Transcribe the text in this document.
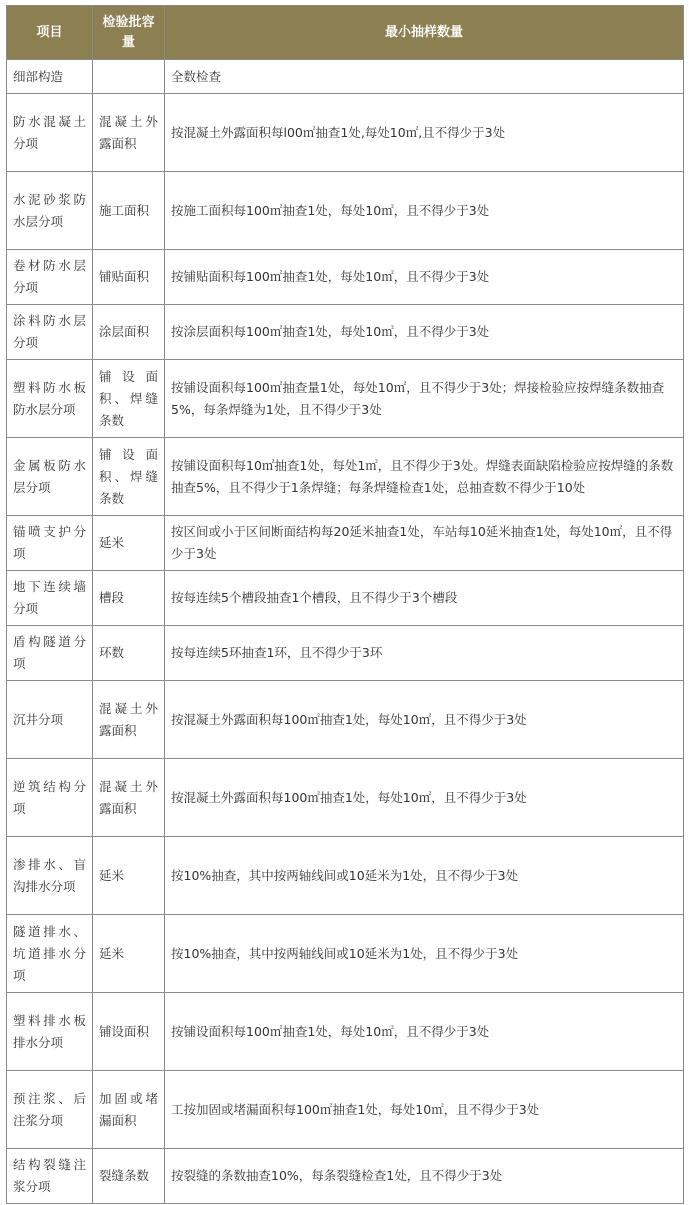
项目	检验批容量	最小抽样数量
细部构造		全数检查
防水混凝土分项	混凝土外露面积	按混凝土外露面积每l00㎡抽查1处,每处10㎡,且不得少于3处
水泥砂浆防水层分项	施工面积	按施工面积每100㎡抽查1处，每处10㎡，且不得少于3处
卷材防水层分项	铺贴面积	按铺贴面积每100㎡抽查1处，每处10㎡，且不得少于3处
涂料防水层分项	涂层面积	按涂层面积每100㎡抽查1处，每处10㎡，且不得少于3处
塑料防水板防水层分项	铺设面积、焊缝条数	按铺设面积每100㎡抽查量1处，每处10㎡，且不得少于3处；焊接检验应按焊缝条数抽查5%，每条焊缝为1处，且不得少于3处
金属板防水层分项	铺设面积、焊缝条数	按铺设面积每10㎡抽查1处，每处1㎡，且不得少于3处。焊缝表面缺陷检验应按焊缝的条数抽查5%，且不得少于1条焊缝；每条焊缝检查1处，总抽查数不得少于10处
锚喷支护分项	延米	按区间或小于区间断面结构每20延米抽查1处，车站每10延米抽查1处，每处10㎡，且不得少于3处
地下连续墙分项	槽段	按每连续5个槽段抽查1个槽段，且不得少于3个槽段
盾构隧道分项	环数	按每连续5环抽查1环，且不得少于3环
沉井分项	混凝土外露面积	按混凝土外露面积每100㎡抽查1处，每处10㎡，且不得少于3处
逆筑结构分项	混凝土外露面积	按混凝土外露面积每100㎡抽查1处，每处10㎡，且不得少于3处
渗排水、盲沟排水分项	延米	按10%抽查，其中按两轴线间或10延米为1处，且不得少于3处
隧道排水、坑道排水分项	延米	按10%抽查，其中按两轴线间或10延米为1处，且不得少于3处
塑料排水板排水分项	铺设面积	按铺设面积每100㎡抽查1处，每处10㎡，且不得少于3处
预注浆、后注浆分项	加固或堵漏面积	工按加固或堵漏面积每100㎡抽查1处，每处10㎡，且不得少于3处
结构裂缝注浆分项	裂缝条数	按裂缝的条数抽查10%，每条裂缝检查1处，且不得少于3处
